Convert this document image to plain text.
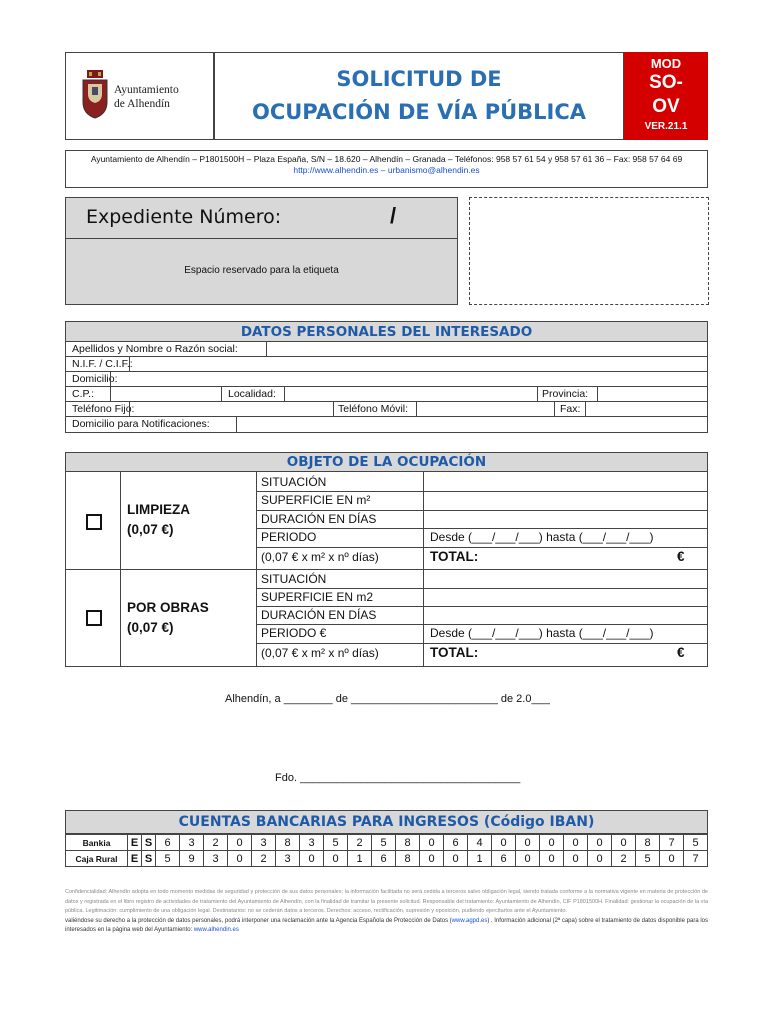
Ayuntamiento
de Alhendín
SOLICITUD DE
OCUPACIÓN DE VÍA PÚBLICA
MOD
SO-
OV
VER.21.1
Ayuntamiento de Alhendín – P1801500H – Plaza España, S/N – 18.620 – Alhendín – Granada – Teléfonos: 958 57 61 54 y 958 57 61 36 – Fax: 958 57 64 69
http://www.alhendin.es – urbanismo@alhendin.es
Expediente Número:	/
Espacio reservado para la etiqueta
DATOS PERSONALES DEL INTERESADO
Apellidos y Nombre o Razón social:
N.I.F. / C.I.F.:
Domicilio:
C.P.:	Localidad:	Provincia:
Teléfono Fijo:	Teléfono Móvil:	Fax:
Domicilio para Notificaciones:
OBJETO DE LA OCUPACIÓN
LIMPIEZA
(0,07 €)
SITUACIÓN
SUPERFICIE EN m²
DURACIÓN EN DÍAS
PERIODO	Desde (___/___/___) hasta (___/___/___)
(0,07 € x m² x nº días)	TOTAL:	€
POR OBRAS
(0,07 €)
SITUACIÓN
SUPERFICIE EN m2
DURACIÓN EN DÍAS
PERIODO €	Desde (___/___/___) hasta (___/___/___)
(0,07 € x m² x nº días)	TOTAL:	€
Alhendín, a ________ de ________________________ de 2.0___
Fdo. ____________________________________
CUENTAS BANCARIAS PARA INGRESOS (Código IBAN)
Bankia	E	S	6	3	2	0	3	8	3	5	2	5	8	0	6	4	0	0	0	0	0	0	8	7	5
Caja Rural	E	S	5	9	3	0	2	3	0	0	1	6	8	0	0	1	6	0	0	0	0	2	5	0	7
Confidencialidad: Alhendín adopta en todo momento medidas de seguridad y protección de sus datos personales; la información facilitada no será cedida a terceros salvo obligación legal, siendo tratada conforme a la normativa vigente en materia de protección de datos y registrada en el libro registro de actividades de tratamiento del Ayuntamiento de Alhendín, con la finalidad de tramitar la presente solicitud. Responsable del tratamiento: Ayuntamiento de Alhendín, CIF P1801500H. Finalidad: gestionar la ocupación de la vía pública. Legitimación: cumplimiento de una obligación legal. Destinatarios: no se cederán datos a terceros. Derechos: acceso, rectificación, supresión y oposición, pudiendo ejercitarlos ante el Ayuntamiento.
valiéndose su derecho a la protección de datos personales, podrá interponer una reclamación ante la Agencia Española de Protección de Datos (www.agpd.es) . Información adicional (2ª capa) sobre el tratamiento de datos disponible para los interesados en la página web del Ayuntamiento: www.alhendin.es
